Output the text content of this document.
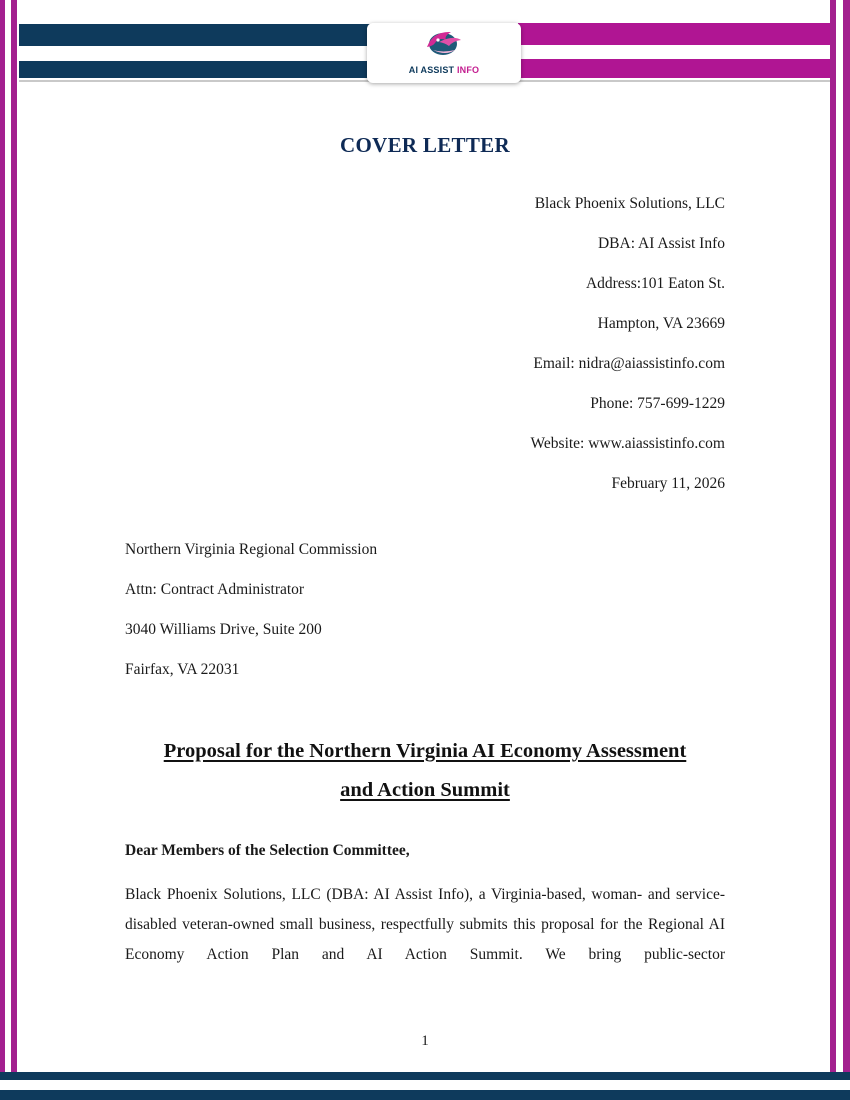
AI ASSIST INFO
COVER LETTER
Black Phoenix Solutions, LLC
DBA: AI Assist Info
Address:101 Eaton St.
Hampton, VA 23669
Email: nidra@aiassistinfo.com
Phone: 757-699-1229
Website: www.aiassistinfo.com
February 11, 2026
Northern Virginia Regional Commission
Attn: Contract Administrator
3040 Williams Drive, Suite 200
Fairfax, VA 22031
Proposal for the Northern Virginia AI Economy Assessment
and Action Summit
Dear Members of the Selection Committee,
Black Phoenix Solutions, LLC (DBA: AI Assist Info), a Virginia-based, woman- and service-disabled veteran-owned small business, respectfully submits this proposal for the Regional AI Economy Action Plan and AI Action Summit. We bring public-sector
1
